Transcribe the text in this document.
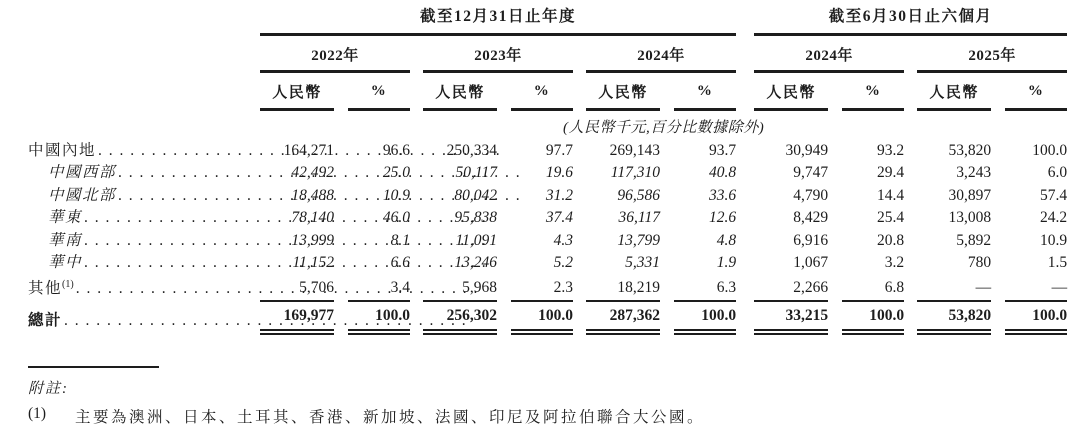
	截至12月31日止年度												截至6月30日止六個月						
	2022年				2023年				2024年				2024年				2025年		
	人民幣		%		人民幣		%		人民幣		%		人民幣		%		人民幣		%
	(人民幣千元,百分比數據除外)																		

中國內地
. . .	164,271		96.6		250,334		97.7		269,143		93.7		30,949		93.2		53,820		100.0

中國西部
. . .	42,492		25.0		50,117		19.6		117,310		40.8		9,747		29.4		3,243		6.0

中國北部
. . .	18,488		10.9		80,042		31.2		96,586		33.6		4,790		14.4		30,897		57.4

華東
. . .	78,140		46.0		95,838		37.4		36,117		12.6		8,429		25.4		13,008		24.2

華南
. . .	13,999		8.1		11,091		4.3		13,799		4.8		6,916		20.8		5,892		10.9

華中
. . .	11,152		6.6		13,246		5.2		5,331		1.9		1,067		3.2		780		1.5

其他$^{(1)}$
. . .	5,706		3.4		5,968		2.3		18,219		6.3		2,266		6.8		—		—

總計
. . .	169,977		100.0		256,302		100.0		287,362		100.0		33,215		100.0		53,820		100.0
附註:
(1)	主要為澳洲、日本、土耳其、香港、新加坡、法國、印尼及阿拉伯聯合大公國。
